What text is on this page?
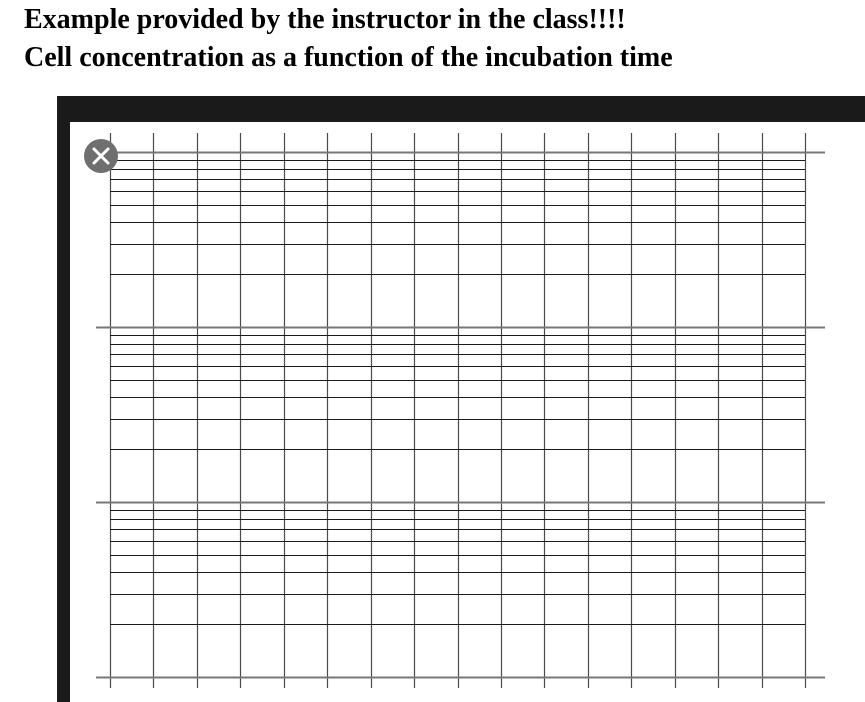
Example provided by the instructor in the class!!!!
Cell concentration as a function of the incubation time
